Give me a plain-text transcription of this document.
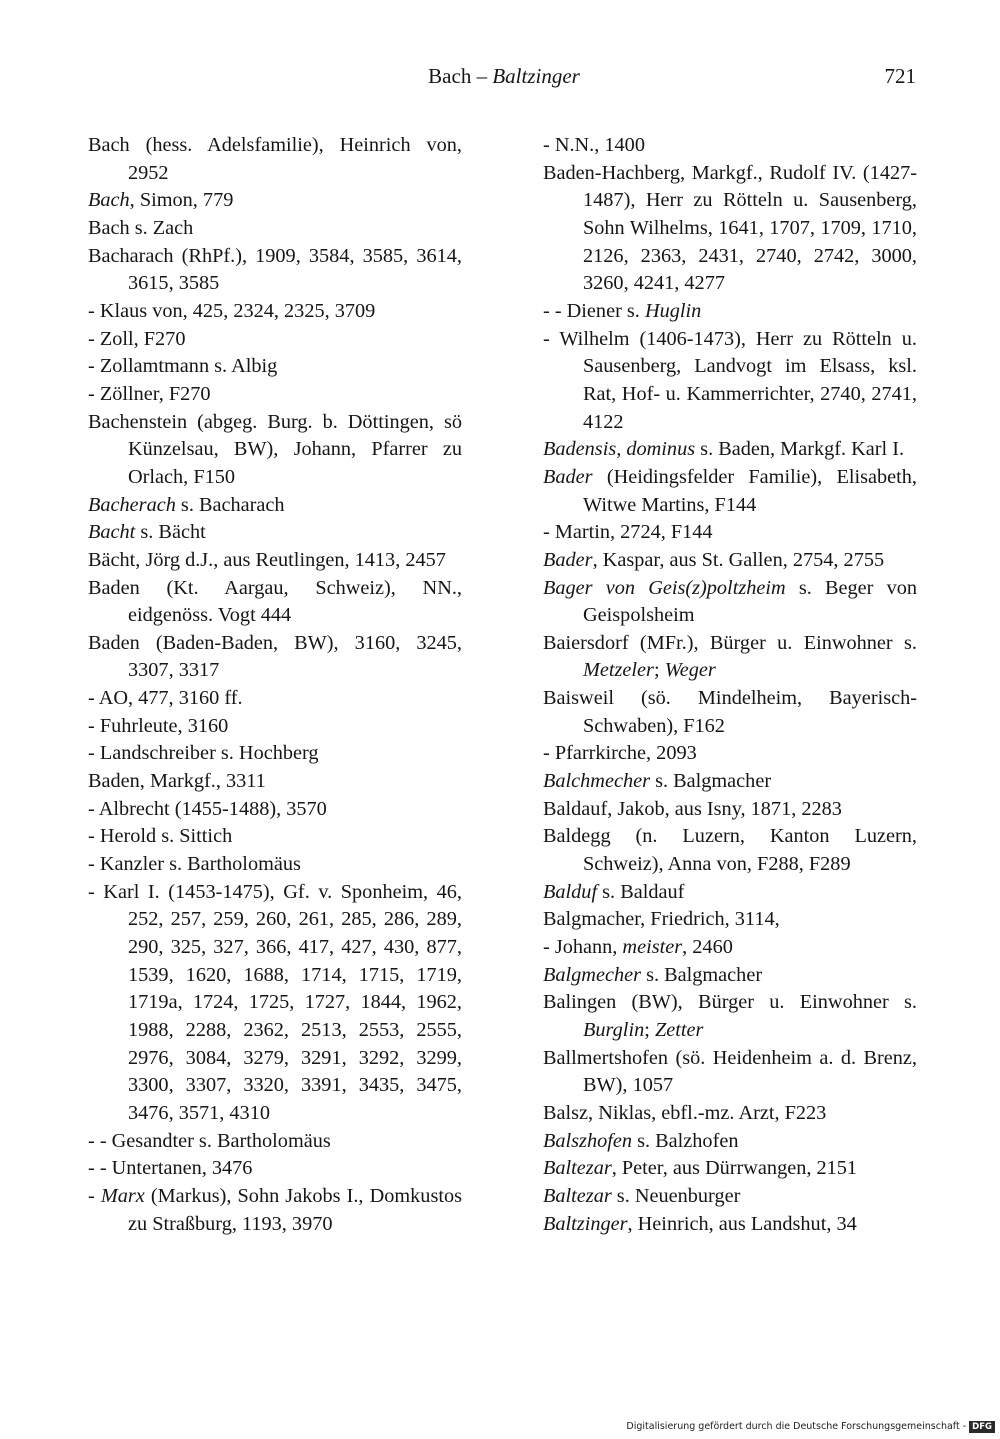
Bach – Baltzinger	721
Bach (hess. Adelsfamilie), Heinrich von, 2952
Bach, Simon, 779
Bach s. Zach
Bacharach (RhPf.), 1909, 3584, 3585, 3614, 3615, 3585
- Klaus von, 425, 2324, 2325, 3709
- Zoll, F270
- Zollamtmann s. Albig
- Zöllner, F270
Bachenstein (abgeg. Burg. b. Döttingen, sö Künzelsau, BW), Johann, Pfarrer zu Orlach, F150
Bacherach s. Bacharach
Bacht s. Bächt
Bächt, Jörg d.J., aus Reutlingen, 1413, 2457
Baden (Kt. Aargau, Schweiz), NN., eidgenöss. Vogt 444
Baden (Baden-Baden, BW), 3160, 3245, 3307, 3317
- AO, 477, 3160 ff.
- Fuhrleute, 3160
- Landschreiber s. Hochberg
Baden, Markgf., 3311
- Albrecht (1455-1488), 3570
- Herold s. Sittich
- Kanzler s. Bartholomäus
- Karl I. (1453-1475), Gf. v. Sponheim, 46, 252, 257, 259, 260, 261, 285, 286, 289, 290, 325, 327, 366, 417, 427, 430, 877, 1539, 1620, 1688, 1714, 1715, 1719, 1719a, 1724, 1725, 1727, 1844, 1962, 1988, 2288, 2362, 2513, 2553, 2555, 2976, 3084, 3279, 3291, 3292, 3299, 3300, 3307, 3320, 3391, 3435, 3475, 3476, 3571, 4310
- - Gesandter s. Bartholomäus
- - Untertanen, 3476
- Marx (Markus), Sohn Jakobs I., Domkustos zu Straßburg, 1193, 3970
- N.N., 1400
Baden-Hachberg, Markgf., Rudolf IV. (1427-1487), Herr zu Rötteln u. Sausenberg, Sohn Wilhelms, 1641, 1707, 1709, 1710, 2126, 2363, 2431, 2740, 2742, 3000, 3260, 4241, 4277
- - Diener s. Huglin
- Wilhelm (1406-1473), Herr zu Rötteln u. Sausenberg, Landvogt im Elsass, ksl. Rat, Hof- u. Kammerrichter, 2740, 2741, 4122
Badensis, dominus s. Baden, Markgf. Karl I.
Bader (Heidingsfelder Familie), Elisabeth, Witwe Martins, F144
- Martin, 2724, F144
Bader, Kaspar, aus St. Gallen, 2754, 2755
Bager von Geis(z)poltzheim s. Beger von Geispolsheim
Baiersdorf (MFr.), Bürger u. Einwohner s. Metzeler; Weger
Baisweil (sö. Mindelheim, Bayerisch-Schwaben), F162
- Pfarrkirche, 2093
Balchmecher s. Balgmacher
Baldauf, Jakob, aus Isny, 1871, 2283
Baldegg (n. Luzern, Kanton Luzern, Schweiz), Anna von, F288, F289
Balduf s. Baldauf
Balgmacher, Friedrich, 3114,
- Johann, meister, 2460
Balgmecher s. Balgmacher
Balingen (BW), Bürger u. Einwohner s. Burglin; Zetter
Ballmertshofen (sö. Heidenheim a. d. Brenz, BW), 1057
Balsz, Niklas, ebfl.-mz. Arzt, F223
Balszhofen s. Balzhofen
Baltezar, Peter, aus Dürrwangen, 2151
Baltezar s. Neuenburger
Baltzinger, Heinrich, aus Landshut, 34
Digitalisierung gefördert durch die Deutsche Forschungsgemeinschaft - DFG
